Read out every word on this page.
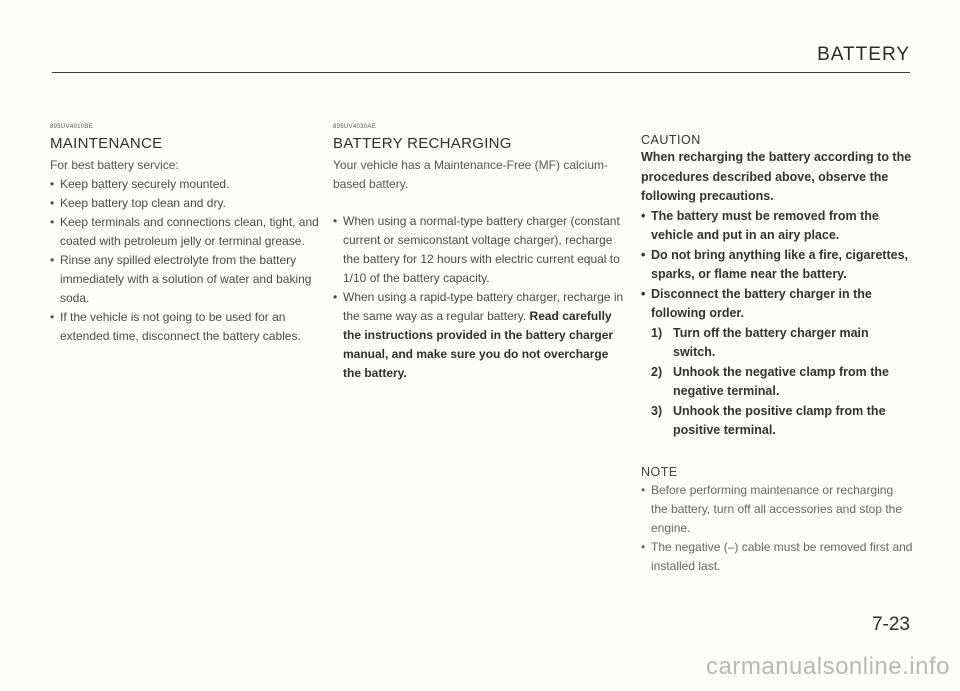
BATTERY
895UV4010BE
MAINTENANCE

For best battery service:

• Keep battery securely mounted.
• Keep battery top clean and dry.
• Keep terminals and connections clean, tight, and coated with petroleum jelly or terminal grease.
• Rinse any spilled electrolyte from the battery immediately with a solution of water and baking soda.
• If the vehicle is not going to be used for an extended time, disconnect the battery cables.
895UV4030AE
BATTERY RECHARGING

Your vehicle has a Maintenance-Free (MF) calcium-based battery.

• When using a normal-type battery charger (constant current or semiconstant voltage charger), recharge the battery for 12 hours with electric current equal to 1/10 of the battery capacity.
• When using a rapid-type battery charger, recharge in the same way as a regular battery. Read carefully the instructions provided in the battery charger manual, and make sure you do not overcharge the battery.
CAUTION

When recharging the battery according to the procedures described above, observe the following precautions.

• The battery must be removed from the vehicle and put in an airy place.
• Do not bring anything like a fire, cigarettes, sparks, or flame near the battery.
• Disconnect the battery charger in the following order.
1) Turn off the battery charger main switch.
2) Unhook the negative clamp from the negative terminal.
3) Unhook the positive clamp from the positive terminal.
NOTE
• Before performing maintenance or recharging the battery, turn off all accessories and stop the engine.
• The negative (–) cable must be removed first and installed last.

7-23

carmanualsonline.info
